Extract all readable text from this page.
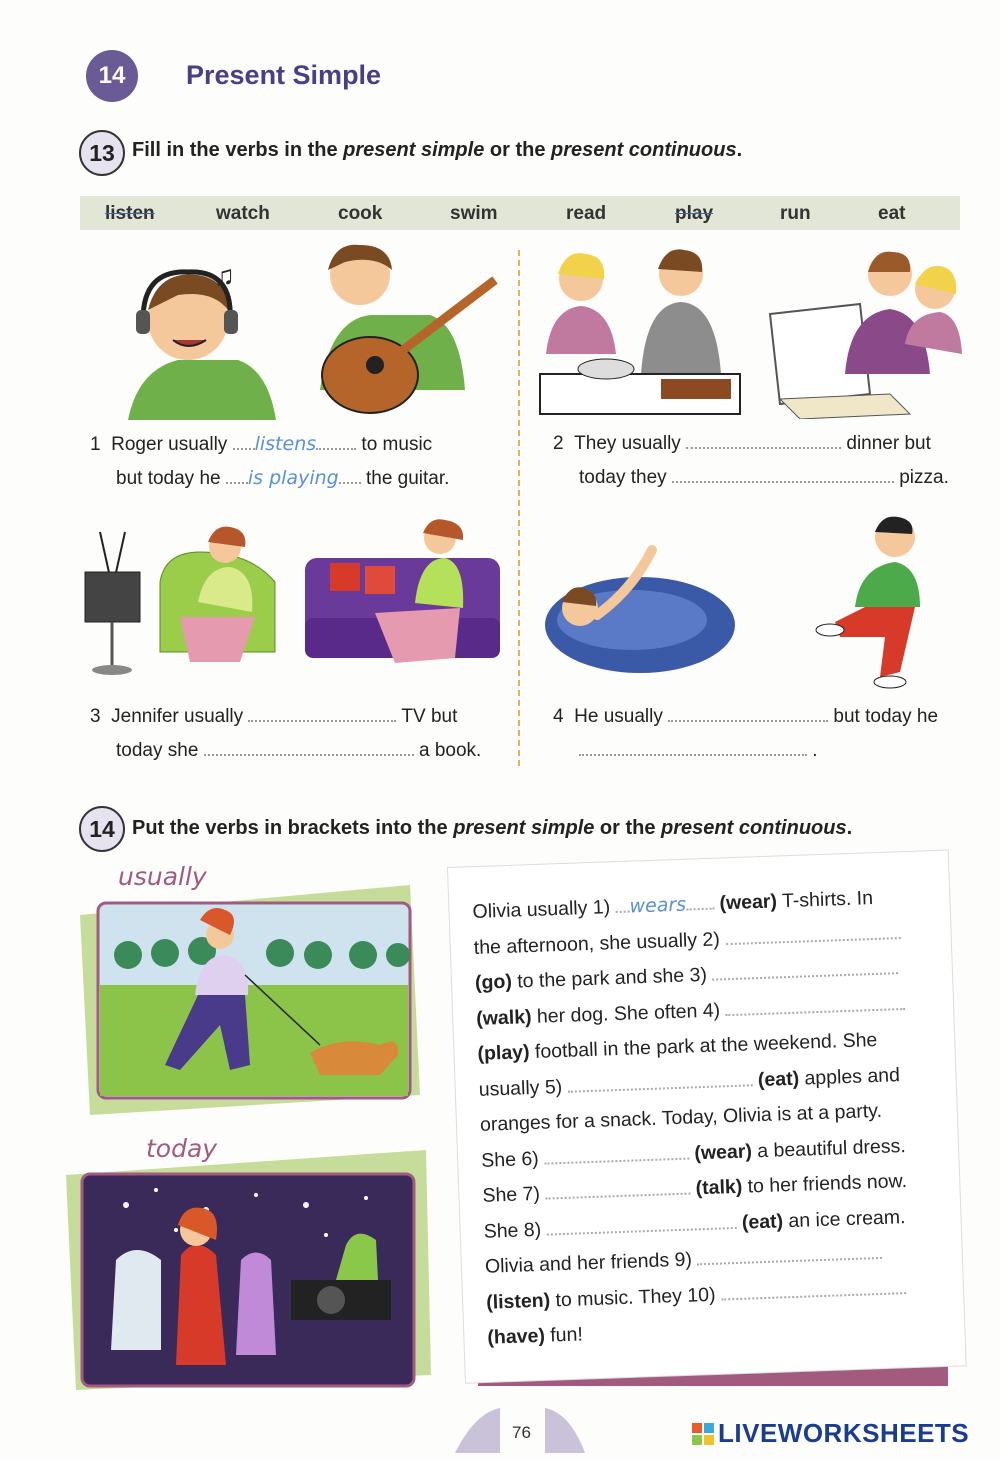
14	Present Simple
13 Fill in the verbs in the present simple or the present continuous.
listen	watch	cook	swim	read	play	run	eat
♫
1 Roger usually listens to music
but today he is playing the guitar.
2 They usually	dinner but
today they	pizza.
3 Jennifer usually	TV but
today she	a book.
4 He usually	but today he
.
14 Put the verbs in brackets into the present simple or the present continuous.
usually
today
Olivia usually 1) wears (wear) T-shirts. In
the afternoon, she usually 2)
(go) to the park and she 3)
(walk) her dog. She often 4)
(play) football in the park at the weekend. She
usually 5)	(eat) apples and
oranges for a snack. Today, Olivia is at a party.
She 6)	(wear) a beautiful dress.
She 7)	(talk) to her friends now.
She 8)	(eat) an ice cream.
Olivia and her friends 9)
(listen) to music. They 10)
(have) fun!
76	LIVEWORKSHEETS
